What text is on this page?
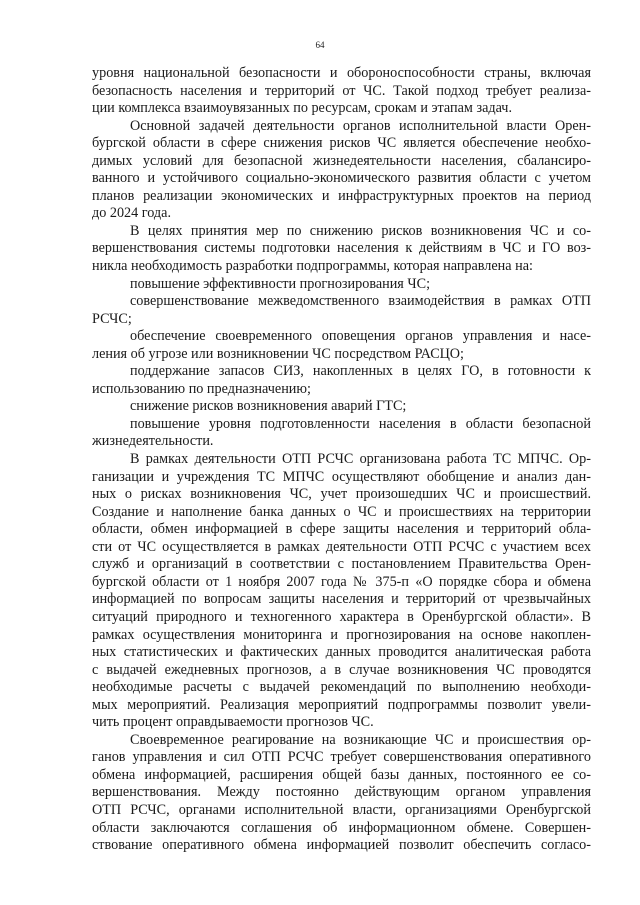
64
уровня национальной безопасности и обороноспособности страны, включая
безопасность населения и территорий от ЧС. Такой подход требует реализа-
ции комплекса взаимоувязанных по ресурсам, срокам и этапам задач.
Основной задачей деятельности органов исполнительной власти Орен-
бургской области в сфере снижения рисков ЧС является обеспечение необхо-
димых условий для безопасной жизнедеятельности населения, сбалансиро-
ванного и устойчивого социально-экономического развития области с учетом
планов реализации экономических и инфраструктурных проектов на период
до 2024 года.
В целях принятия мер по снижению рисков возникновения ЧС и со-
вершенствования системы подготовки населения к действиям в ЧС и ГО воз-
никла необходимость разработки подпрограммы, которая направлена на:
повышение эффективности прогнозирования ЧС;
совершенствование межведомственного взаимодействия в рамках ОТП
РСЧС;
обеспечение своевременного оповещения органов управления и насе-
ления об угрозе или возникновении ЧС посредством РАСЦО;
поддержание запасов СИЗ, накопленных в целях ГО, в готовности к
использованию по предназначению;
снижение рисков возникновения аварий ГТС;
повышение уровня подготовленности населения в области безопасной
жизнедеятельности.
В рамках деятельности ОТП РСЧС организована работа ТС МПЧС. Ор-
ганизации и учреждения ТС МПЧС осуществляют обобщение и анализ дан-
ных о рисках возникновения ЧС, учет произошедших ЧС и происшествий.
Создание и наполнение банка данных о ЧС и происшествиях на территории
области, обмен информацией в сфере защиты населения и территорий обла-
сти от ЧС осуществляется в рамках деятельности ОТП РСЧС с участием всех
служб и организаций в соответствии с постановлением Правительства Орен-
бургской области от 1 ноября 2007 года № 375-п «О порядке сбора и обмена
информацией по вопросам защиты населения и территорий от чрезвычайных
ситуаций природного и техногенного характера в Оренбургской области». В
рамках осуществления мониторинга и прогнозирования на основе накоплен-
ных статистических и фактических данных проводится аналитическая работа
с выдачей ежедневных прогнозов, а в случае возникновения ЧС проводятся
необходимые расчеты с выдачей рекомендаций по выполнению необходи-
мых мероприятий. Реализация мероприятий подпрограммы позволит увели-
чить процент оправдываемости прогнозов ЧС.
Своевременное реагирование на возникающие ЧС и происшествия ор-
ганов управления и сил ОТП РСЧС требует совершенствования оперативного
обмена информацией, расширения общей базы данных, постоянного ее со-
вершенствования. Между постоянно действующим органом управления
ОТП РСЧС, органами исполнительной власти, организациями Оренбургской
области заключаются соглашения об информационном обмене. Совершен-
ствование оперативного обмена информацией позволит обеспечить согласо-
